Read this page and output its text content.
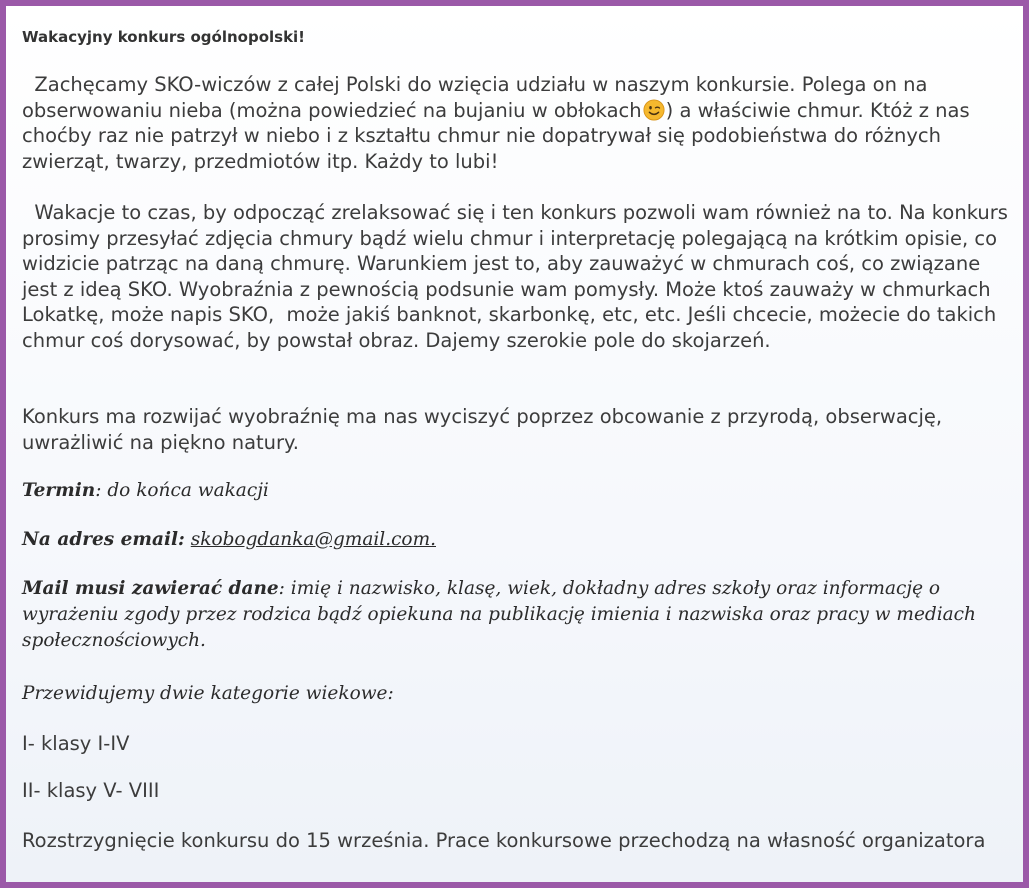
Wakacyjny konkurs ogólnopolski!

Zachęcamy SKO-wiczów z całej Polski do wzięcia udziału w naszym konkursie. Polega on na obserwowaniu nieba (można powiedzieć na bujaniu w obłokach ) a właściwie chmur. Któż z nas choćby raz nie patrzył w niebo i z kształtu chmur nie dopatrywał się podobieństwa do różnych zwierząt, twarzy, przedmiotów itp. Każdy to lubi!

Wakacje to czas, by odpocząć zrelaksować się i ten konkurs pozwoli wam również na to. Na konkurs prosimy przesyłać zdjęcia chmury bądź wielu chmur i interpretację polegającą na krótkim opisie, co widzicie patrząc na daną chmurę. Warunkiem jest to, aby zauważyć w chmurach coś, co związane jest z ideą SKO. Wyobraźnia z pewnością podsunie wam pomysły. Może ktoś zauważy w chmurkach Lokatkę, może napis SKO,  może jakiś banknot, skarbonkę, etc, etc. Jeśli chcecie, możecie do takich chmur coś dorysować, by powstał obraz. Dajemy szerokie pole do skojarzeń.

Konkurs ma rozwijać wyobraźnię ma nas wyciszyć poprzez obcowanie z przyrodą, obserwację, uwrażliwić na piękno natury.

Termin: do końca wakacji

Na adres email: skobogdanka@gmail.com.

Mail musi zawierać dane: imię i nazwisko, klasę, wiek, dokładny adres szkoły oraz informację o wyrażeniu zgody przez rodzica bądź opiekuna na publikację imienia i nazwiska oraz pracy w mediach społecznościowych.

Przewidujemy dwie kategorie wiekowe:

I- klasy I-IV

II- klasy V- VIII

Rozstrzygnięcie konkursu do 15 września. Prace konkursowe przechodzą na własność organizatora
